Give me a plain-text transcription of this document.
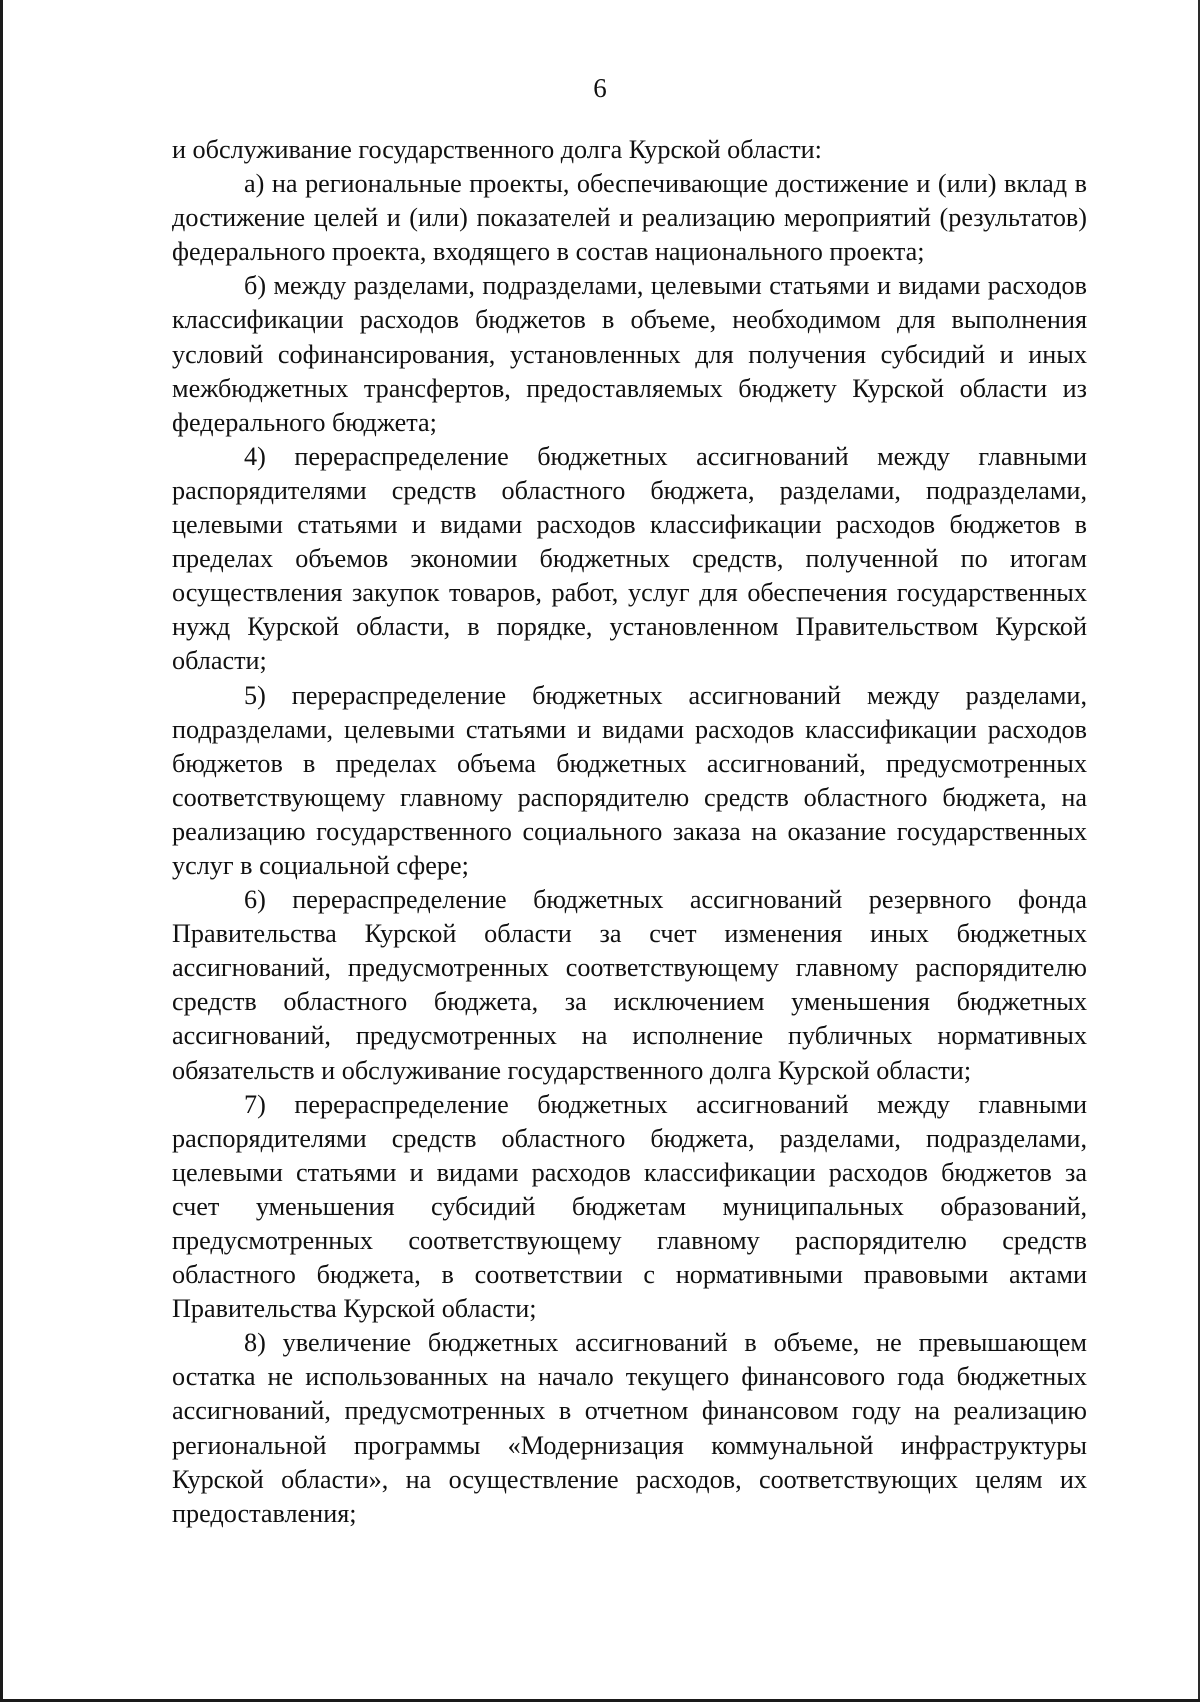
6

и обслуживание государственного долга Курской области:

а) на региональные проекты, обеспечивающие достижение и (или) вклад в достижение целей и (или) показателей и реализацию мероприятий (результатов) федерального проекта, входящего в состав национального проекта;

б) между разделами, подразделами, целевыми статьями и видами расходов классификации расходов бюджетов в объеме, необходимом для выполнения условий софинансирования, установленных для получения субсидий и иных межбюджетных трансфертов, предоставляемых бюджету Курской области из федерального бюджета;

4) перераспределение бюджетных ассигнований между главными распорядителями средств областного бюджета, разделами, подразделами, целевыми статьями и видами расходов классификации расходов бюджетов в пределах объемов экономии бюджетных средств, полученной по итогам осуществления закупок товаров, работ, услуг для обеспечения государственных нужд Курской области, в порядке, установленном Правительством Курской области;

5) перераспределение бюджетных ассигнований между разделами, подразделами, целевыми статьями и видами расходов классификации расходов бюджетов в пределах объема бюджетных ассигнований, предусмотренных соответствующему главному распорядителю средств областного бюджета, на реализацию государственного социального заказа на оказание государственных услуг в социальной сфере;

6) перераспределение бюджетных ассигнований резервного фонда Правительства Курской области за счет изменения иных бюджетных ассигнований, предусмотренных соответствующему главному распорядителю средств областного бюджета, за исключением уменьшения бюджетных ассигнований, предусмотренных на исполнение публичных нормативных обязательств и обслуживание государственного долга Курской области;

7) перераспределение бюджетных ассигнований между главными распорядителями средств областного бюджета, разделами, подразделами, целевыми статьями и видами расходов классификации расходов бюджетов за счет уменьшения субсидий бюджетам муниципальных образований, предусмотренных соответствующему главному распорядителю средств областного бюджета, в соответствии с нормативными правовыми актами Правительства Курской области;

8) увеличение бюджетных ассигнований в объеме, не превышающем остатка не использованных на начало текущего финансового года бюджетных ассигнований, предусмотренных в отчетном финансовом году на реализацию региональной программы «Модернизация коммунальной инфраструктуры Курской области», на осуществление расходов, соответствующих целям их предоставления;
